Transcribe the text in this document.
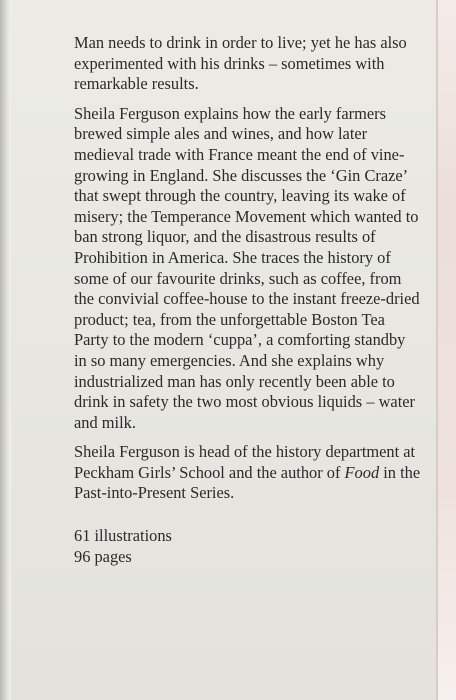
Man needs to drink in order to live; yet he has also experimented with his drinks – sometimes with remarkable results.

Sheila Ferguson explains how the early farmers brewed simple ales and wines, and how later medieval trade with France meant the end of vine-growing in England. She discusses the ‘Gin Craze’ that swept through the country, leaving its wake of misery; the Temperance Movement which wanted to ban strong liquor, and the disastrous results of Prohibition in America. She traces the history of some of our favourite drinks, such as coffee, from the convivial coffee-house to the instant freeze-dried product; tea, from the unforgettable Boston Tea Party to the modern ‘cuppa’, a comforting standby in so many emergencies. And she explains why industrialized man has only recently been able to drink in safety the two most obvious liquids – water and milk.

Sheila Ferguson is head of the history department at Peckham Girls’ School and the author of Food in the Past-into-Present Series.

61 illustrations

96 pages
